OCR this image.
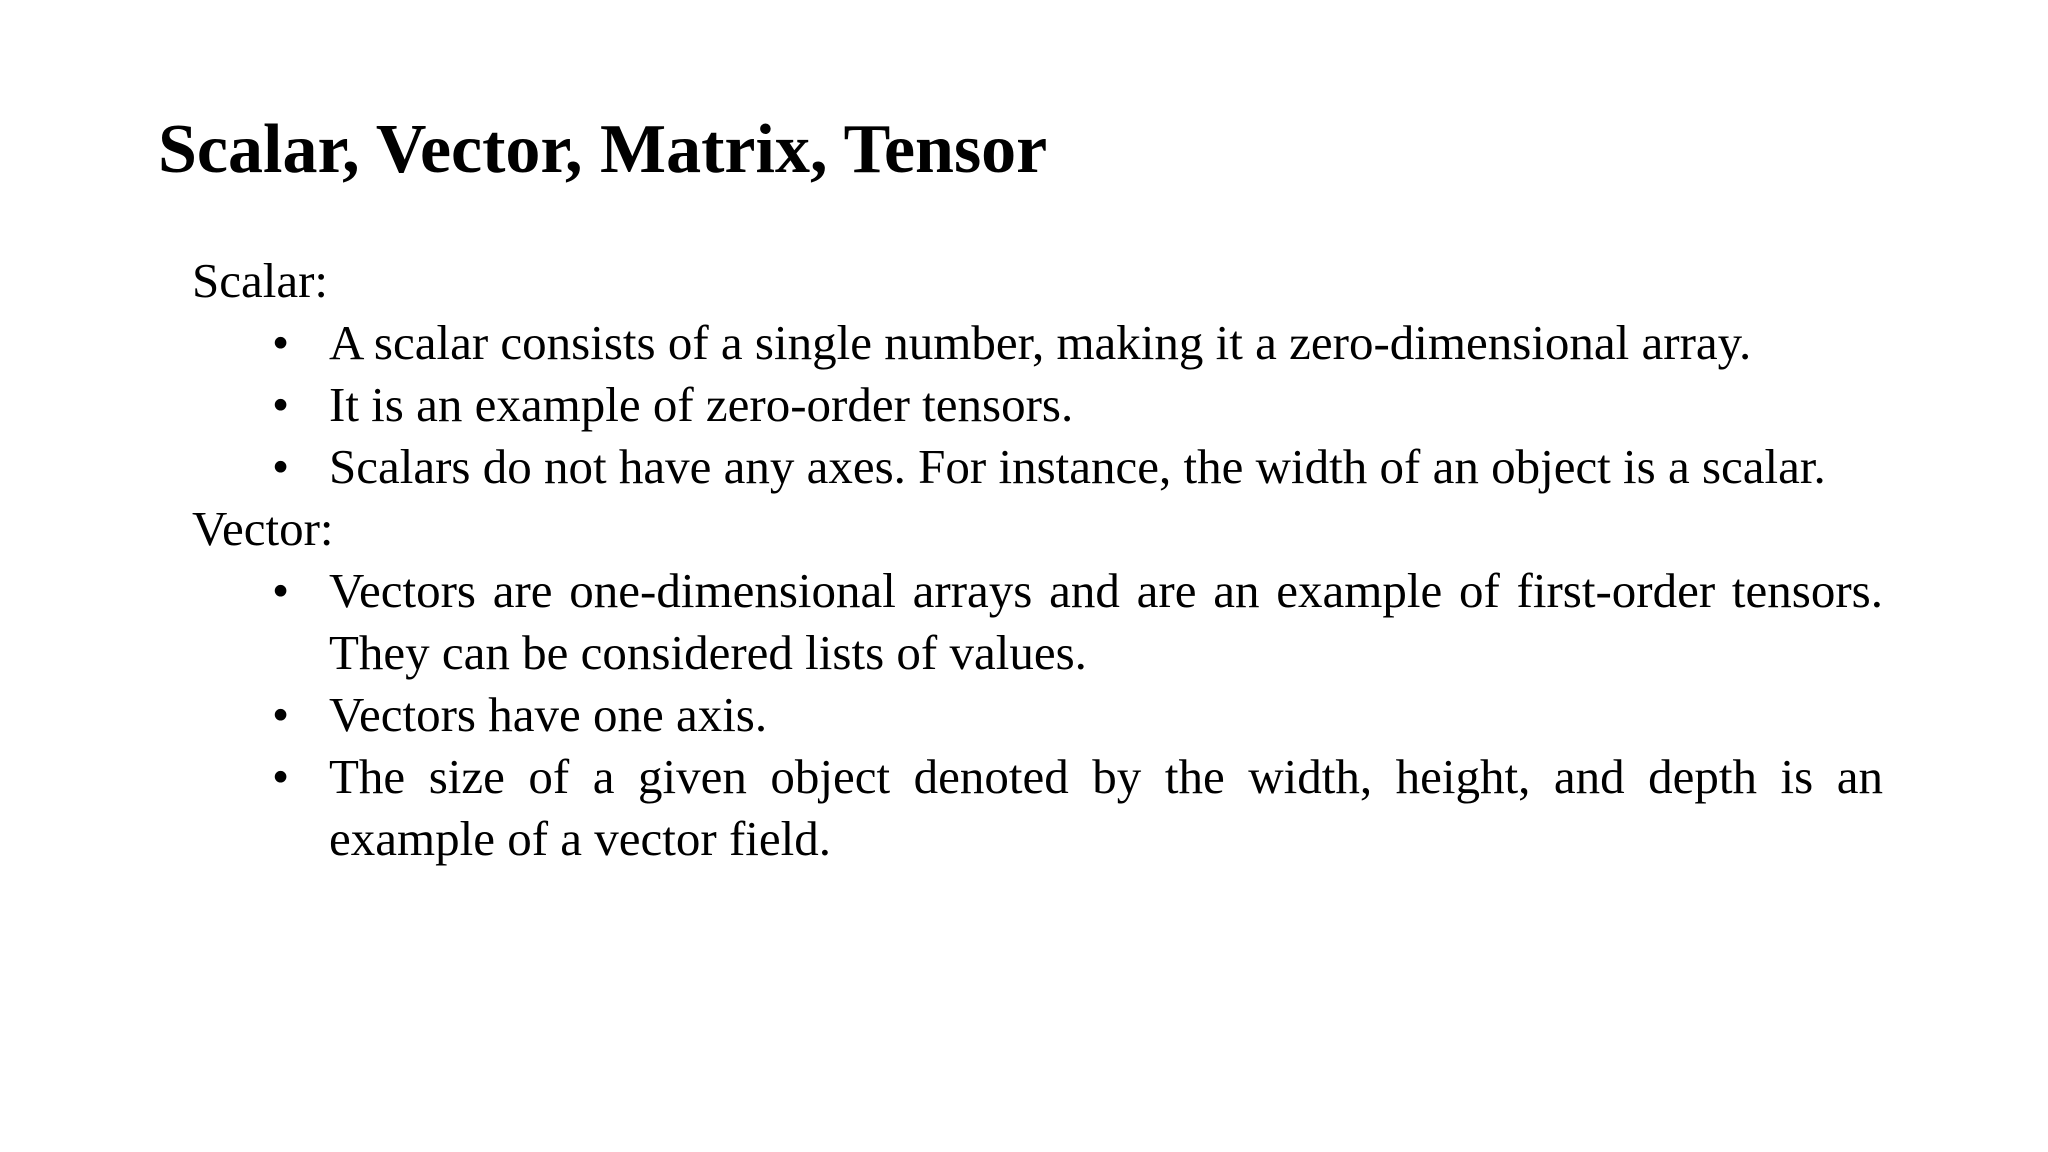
Scalar, Vector, Matrix, Tensor

Scalar:

• A scalar consists of a single number, making it a zero-dimensional array.
• It is an example of zero-order tensors.
• Scalars do not have any axes. For instance, the width of an object is a scalar.

Vector:

• Vectors are one-dimensional arrays and are an example of first-order tensors. They can be considered lists of values.
• Vectors have one axis.
• The size of a given object denoted by the width, height, and depth is an example of a vector field.
